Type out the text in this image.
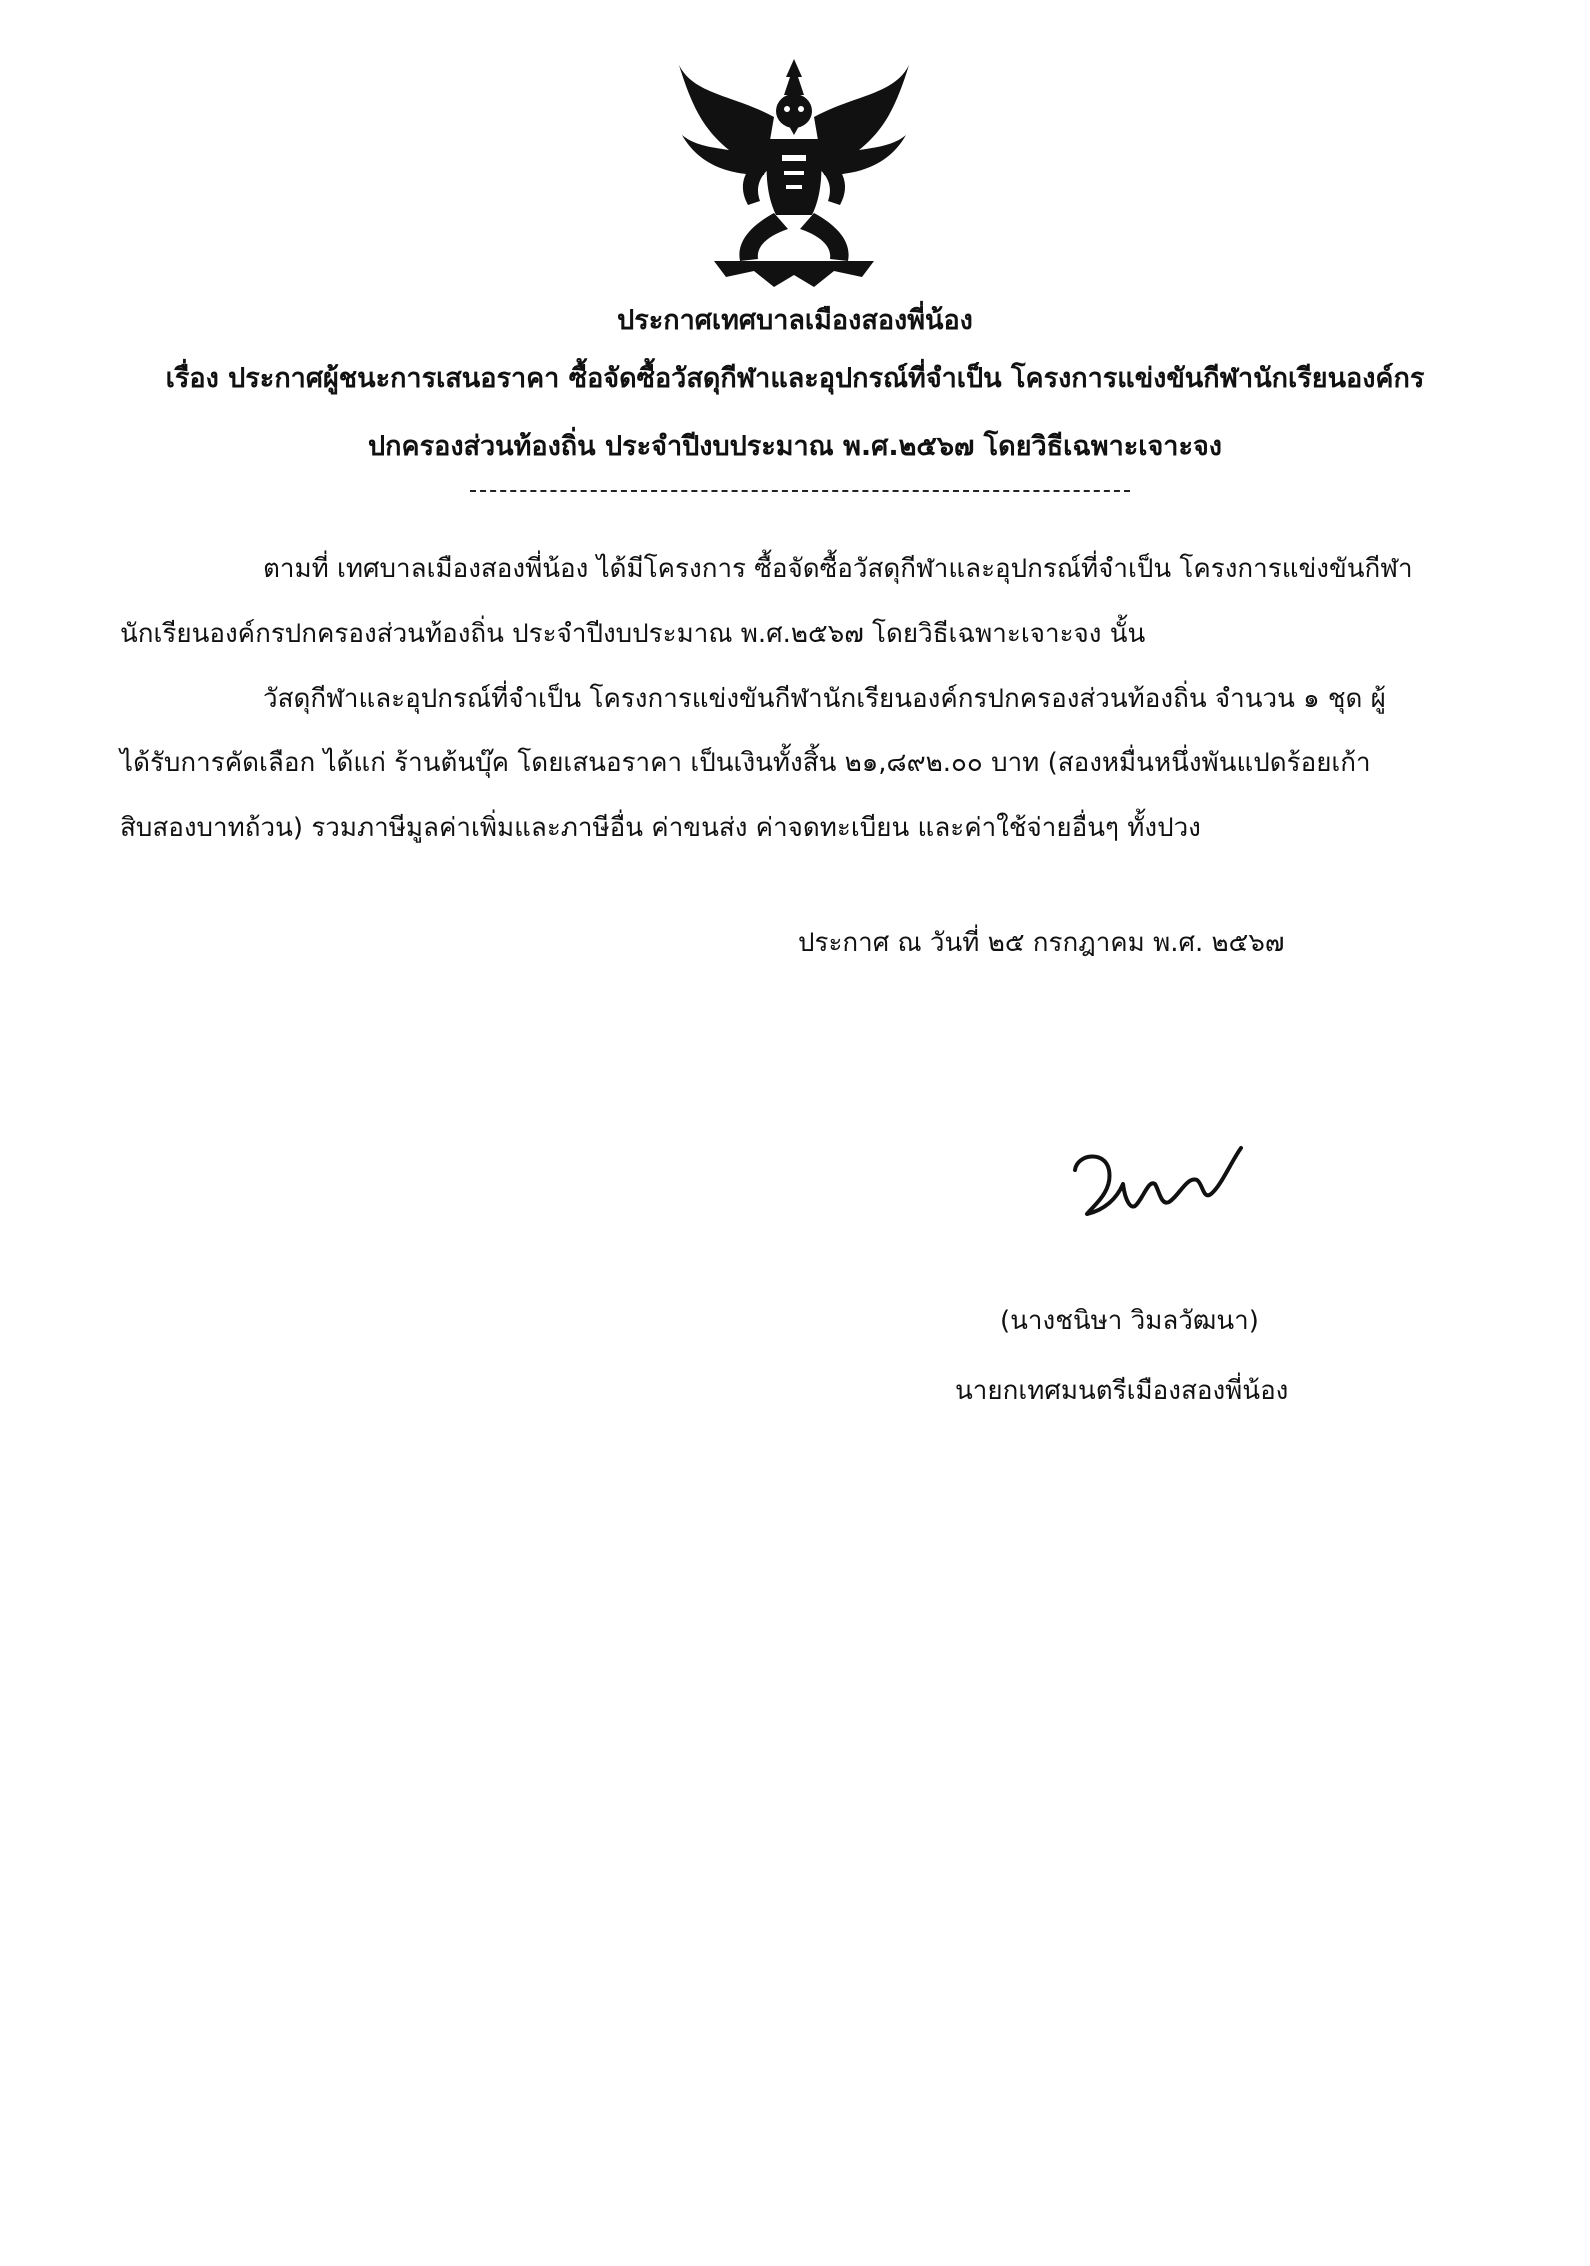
ประกาศเทศบาลเมืองสองพี่น้อง
เรื่อง ประกาศผู้ชนะการเสนอราคา ซื้อจัดซื้อวัสดุกีฬาและอุปกรณ์ที่จำเป็น โครงการแข่งขันกีฬานักเรียนองค์กร
ปกครองส่วนท้องถิ่น ประจำปีงบประมาณ พ.ศ.๒๕๖๗ โดยวิธีเฉพาะเจาะจง
ตามที่ เทศบาลเมืองสองพี่น้อง ได้มีโครงการ ซื้อจัดซื้อวัสดุกีฬาและอุปกรณ์ที่จำเป็น โครงการแข่งขันกีฬา
นักเรียนองค์กรปกครองส่วนท้องถิ่น ประจำปีงบประมาณ พ.ศ.๒๕๖๗ โดยวิธีเฉพาะเจาะจง นั้น
วัสดุกีฬาและอุปกรณ์ที่จำเป็น โครงการแข่งขันกีฬานักเรียนองค์กรปกครองส่วนท้องถิ่น จำนวน ๑ ชุด ผู้
ได้รับการคัดเลือก ได้แก่ ร้านต้นบุ๊ค โดยเสนอราคา เป็นเงินทั้งสิ้น ๒๑,๘๙๒.๐๐ บาท (สองหมื่นหนึ่งพันแปดร้อยเก้า
สิบสองบาทถ้วน) รวมภาษีมูลค่าเพิ่มและภาษีอื่น ค่าขนส่ง ค่าจดทะเบียน และค่าใช้จ่ายอื่นๆ ทั้งปวง
ประกาศ ณ วันที่ ๒๕ กรกฎาคม พ.ศ. ๒๕๖๗
(นางชนิษา วิมลวัฒนา)
นายกเทศมนตรีเมืองสองพี่น้อง
